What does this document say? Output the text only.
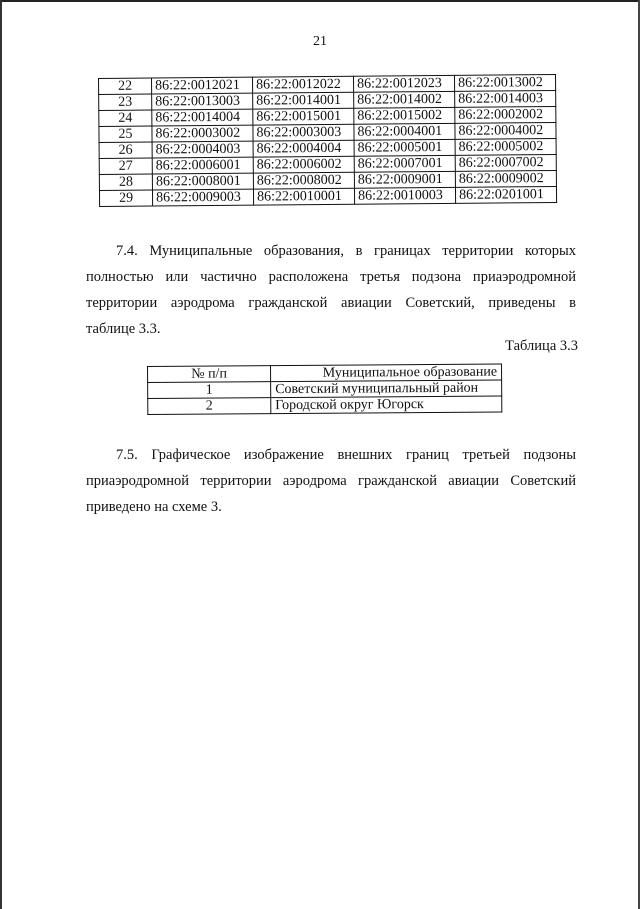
21
22	86:22:0012021	86:22:0012022	86:22:0012023	86:22:0013002
23	86:22:0013003	86:22:0014001	86:22:0014002	86:22:0014003
24	86:22:0014004	86:22:0015001	86:22:0015002	86:22:0002002
25	86:22:0003002	86:22:0003003	86:22:0004001	86:22:0004002
26	86:22:0004003	86:22:0004004	86:22:0005001	86:22:0005002
27	86:22:0006001	86:22:0006002	86:22:0007001	86:22:0007002
28	86:22:0008001	86:22:0008002	86:22:0009001	86:22:0009002
29	86:22:0009003	86:22:0010001	86:22:0010003	86:22:0201001
7.4. Муниципальные образования, в границах территории которых
полностью или частично расположена третья подзона приаэродромной
территории аэродрома гражданской авиации Советский, приведены в
таблице 3.3.
Таблица 3.3
№ п/п	Муниципальное образование
1	Советский муниципальный район
2	Городской округ Югорск
7.5. Графическое изображение внешних границ третьей подзоны
приаэродромной территории аэродрома гражданской авиации Советский
приведено на схеме 3.
